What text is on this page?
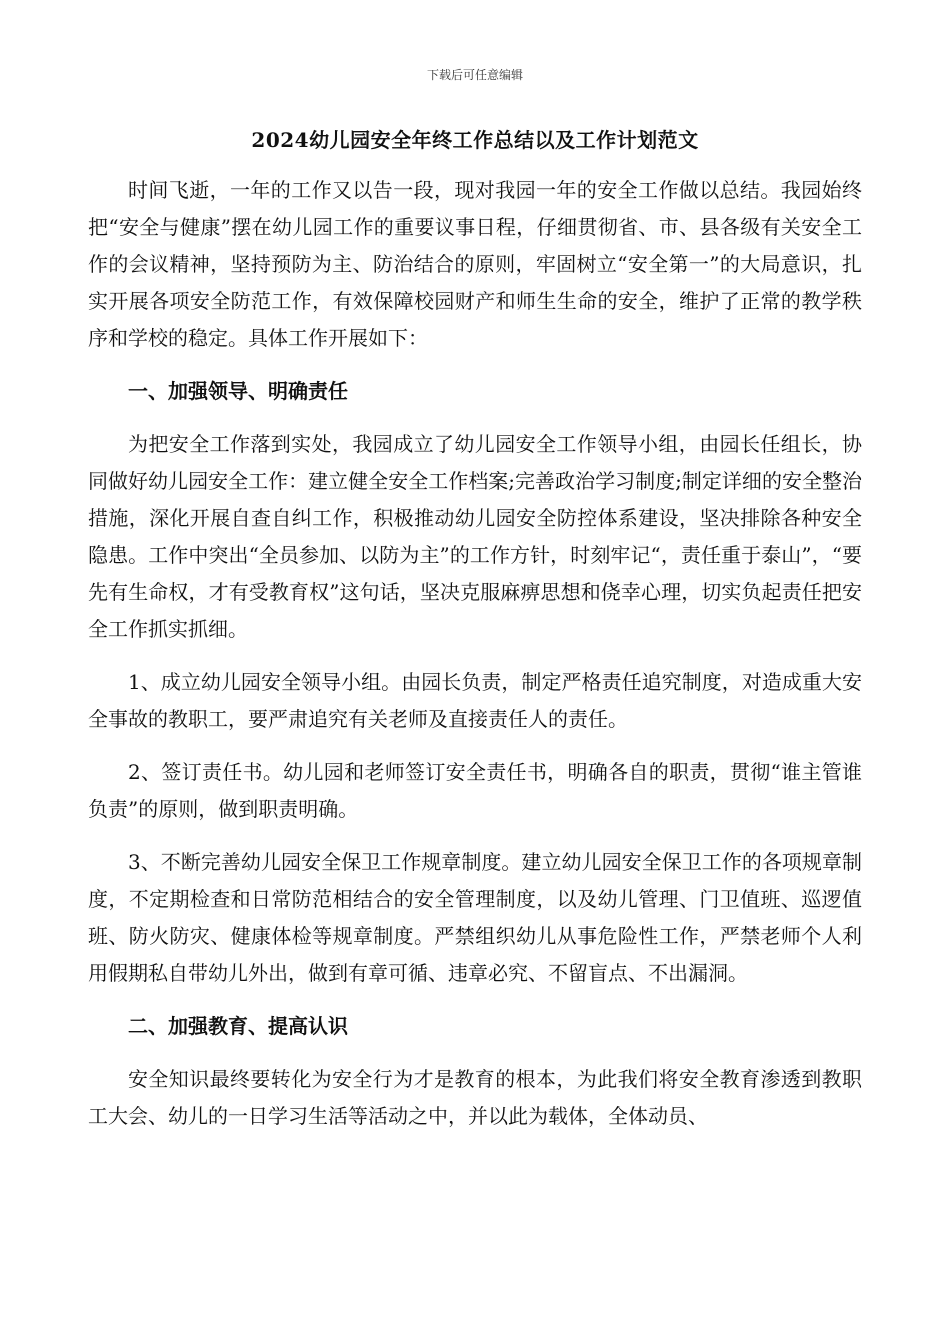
下载后可任意编辑
2024幼儿园安全年终工作总结以及工作计划范文

时间飞逝，一年的工作又以告一段，现对我园一年的安全工作做以总结。我园始终把“安全与健康”摆在幼儿园工作的重要议事日程，仔细贯彻省、市、县各级有关安全工作的会议精神，坚持预防为主、防治结合的原则，牢固树立“安全第一”的大局意识，扎实开展各项安全防范工作，有效保障校园财产和师生生命的安全，维护了正常的教学秩序和学校的稳定。具体工作开展如下：

一、加强领导、明确责任

为把安全工作落到实处，我园成立了幼儿园安全工作领导小组，由园长任组长，协同做好幼儿园安全工作：建立健全安全工作档案;完善政治学习制度;制定详细的安全整治措施，深化开展自查自纠工作，积极推动幼儿园安全防控体系建设，坚决排除各种安全隐患。工作中突出“全员参加、以防为主”的工作方针，时刻牢记“，责任重于泰山”，“要先有生命权，才有受教育权”这句话，坚决克服麻痹思想和侥幸心理，切实负起责任把安全工作抓实抓细。

1、成立幼儿园安全领导小组。由园长负责，制定严格责任追究制度，对造成重大安全事故的教职工，要严肃追究有关老师及直接责任人的责任。

2、签订责任书。幼儿园和老师签订安全责任书，明确各自的职责，贯彻“谁主管谁负责”的原则，做到职责明确。

3、不断完善幼儿园安全保卫工作规章制度。建立幼儿园安全保卫工作的各项规章制度，不定期检查和日常防范相结合的安全管理制度，以及幼儿管理、门卫值班、巡逻值班、防火防灾、健康体检等规章制度。严禁组织幼儿从事危险性工作，严禁老师个人利用假期私自带幼儿外出，做到有章可循、违章必究、不留盲点、不出漏洞。

二、加强教育、提高认识

安全知识最终要转化为安全行为才是教育的根本，为此我们将安全教育渗透到教职工大会、幼儿的一日学习生活等活动之中，并以此为载体，全体动员、
